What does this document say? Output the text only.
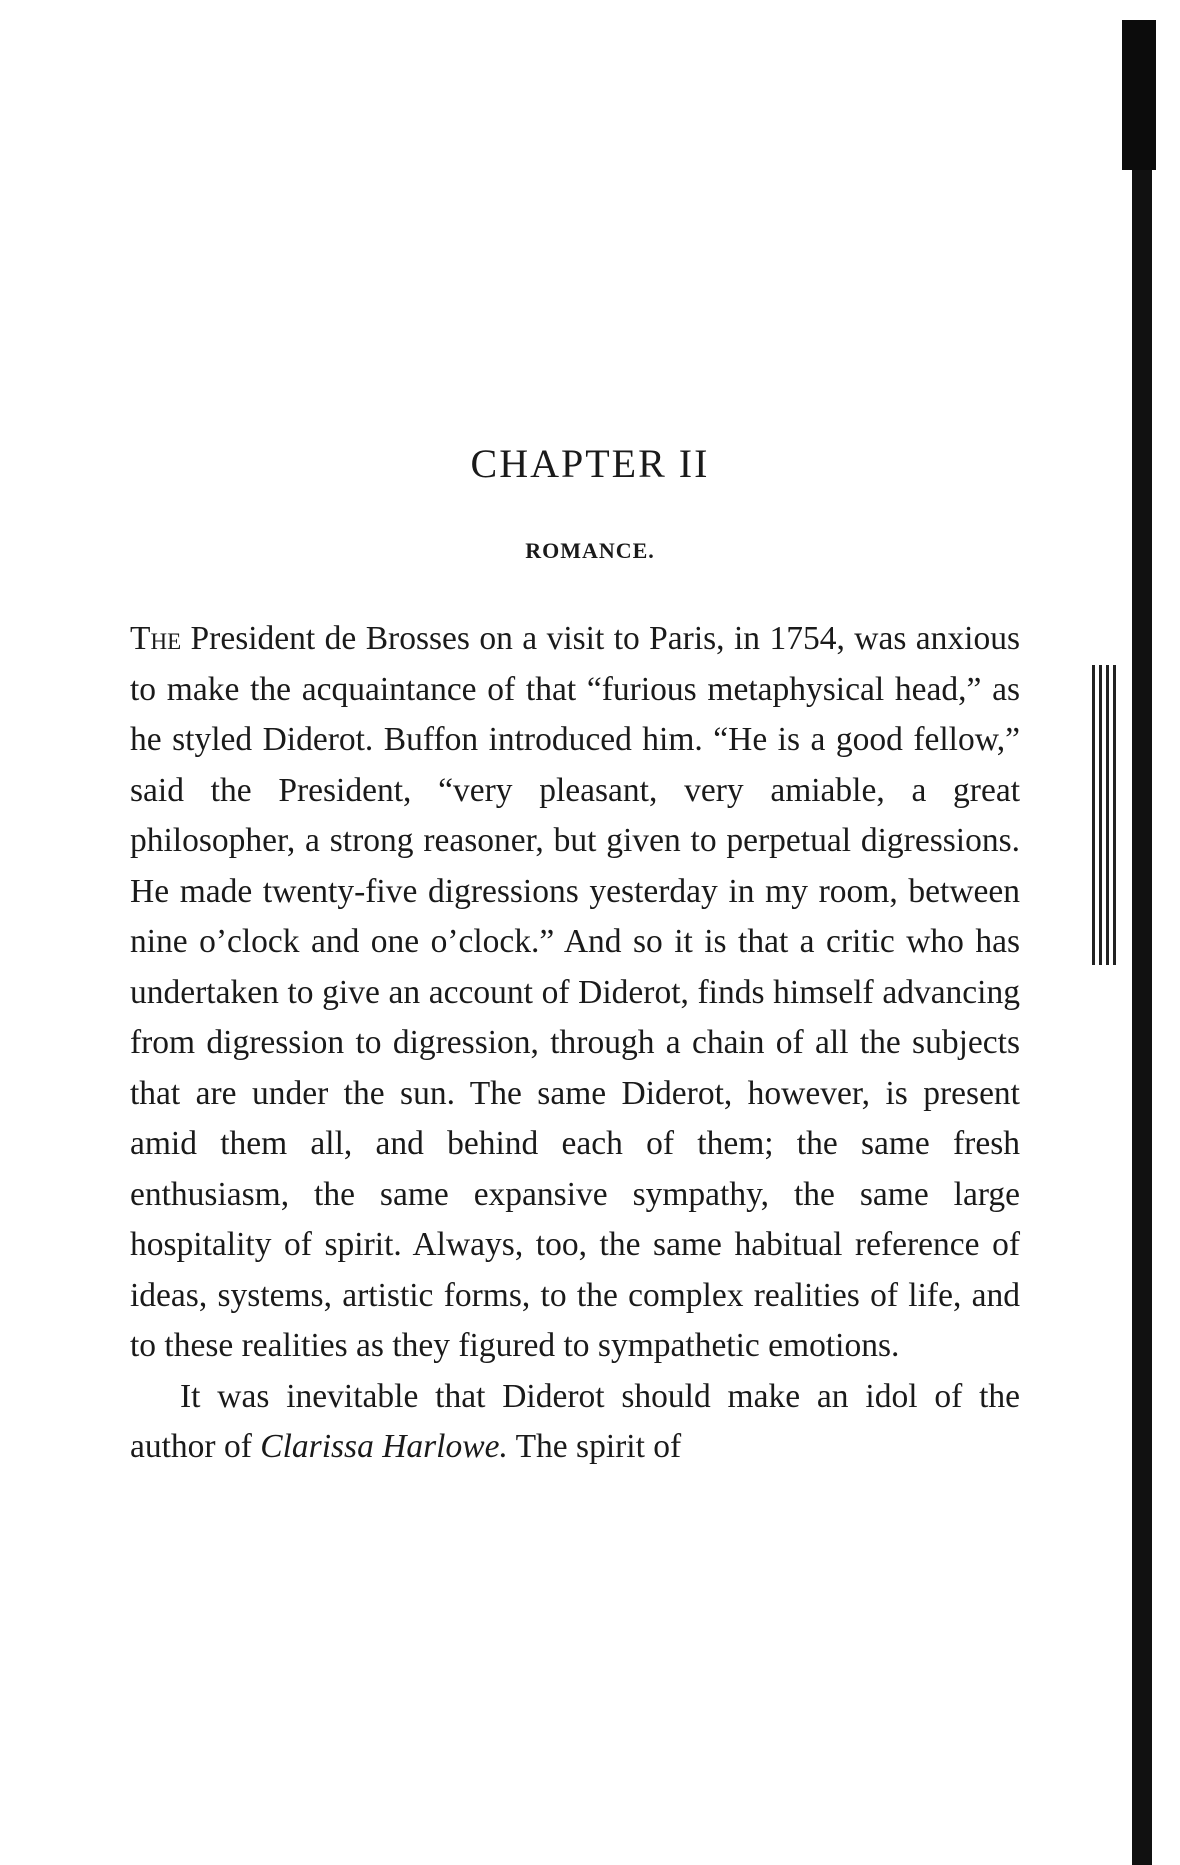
CHAPTER II
ROMANCE.

The President de Brosses on a visit to Paris, in 1754, was anxious to make the acquaintance of that “furious metaphysical head,” as he styled Diderot. Buffon introduced him. “He is a good fellow,” said the President, “very pleasant, very amiable, a great philosopher, a strong reasoner, but given to perpetual digressions. He made twenty-five digressions yesterday in my room, between nine o’clock and one o’clock.” And so it is that a critic who has undertaken to give an account of Diderot, finds himself advancing from digression to digression, through a chain of all the subjects that are under the sun. The same Diderot, however, is present amid them all, and behind each of them; the same fresh enthusiasm, the same expansive sympathy, the same large hospitality of spirit. Always, too, the same habitual reference of ideas, systems, artistic forms, to the complex realities of life, and to these realities as they figured to sympathetic emotions.

It was inevitable that Diderot should make an idol of the author of Clarissa Harlowe. The spirit of
